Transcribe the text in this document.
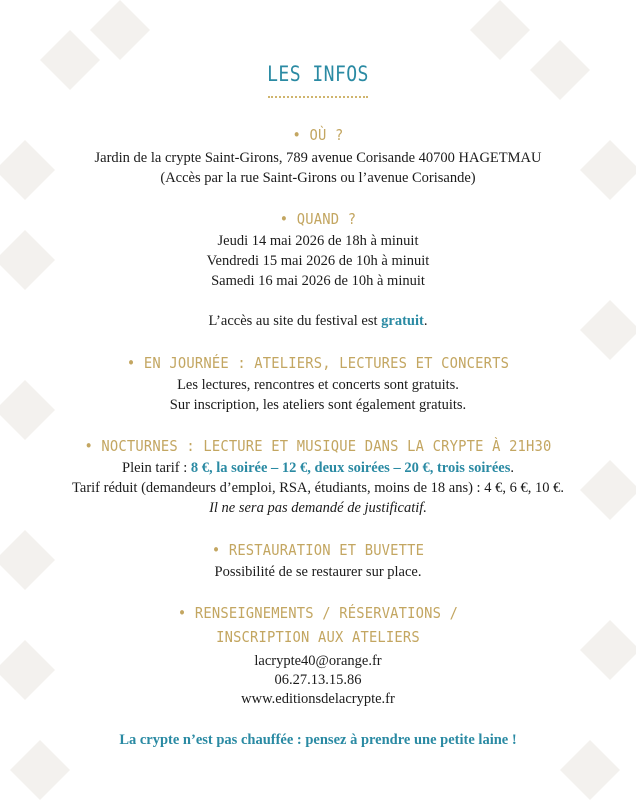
LES INFOS
• OÙ ?
Jardin de la crypte Saint-Girons, 789 avenue Corisande 40700 HAGETMAU
(Accès par la rue Saint-Girons ou l’avenue Corisande)
• QUAND ?
Jeudi 14 mai 2026 de 18h à minuit
Vendredi 15 mai 2026 de 10h à minuit
Samedi 16 mai 2026 de 10h à minuit
L’accès au site du festival est gratuit.
• EN JOURNÉE : ATELIERS, LECTURES ET CONCERTS
Les lectures, rencontres et concerts sont gratuits.
Sur inscription, les ateliers sont également gratuits.
• NOCTURNES : LECTURE ET MUSIQUE DANS LA CRYPTE À 21H30
Plein tarif : 8 €, la soirée – 12 €, deux soirées – 20 €, trois soirées.
Tarif réduit (demandeurs d’emploi, RSA, étudiants, moins de 18 ans) : 4 €, 6 €, 10 €.
Il ne sera pas demandé de justificatif.
• RESTAURATION ET BUVETTE
Possibilité de se restaurer sur place.
• RENSEIGNEMENTS / RÉSERVATIONS /
INSCRIPTION AUX ATELIERS
lacrypte40@orange.fr
06.27.13.15.86
www.editionsdelacrypte.fr
La crypte n’est pas chauffée : pensez à prendre une petite laine !
